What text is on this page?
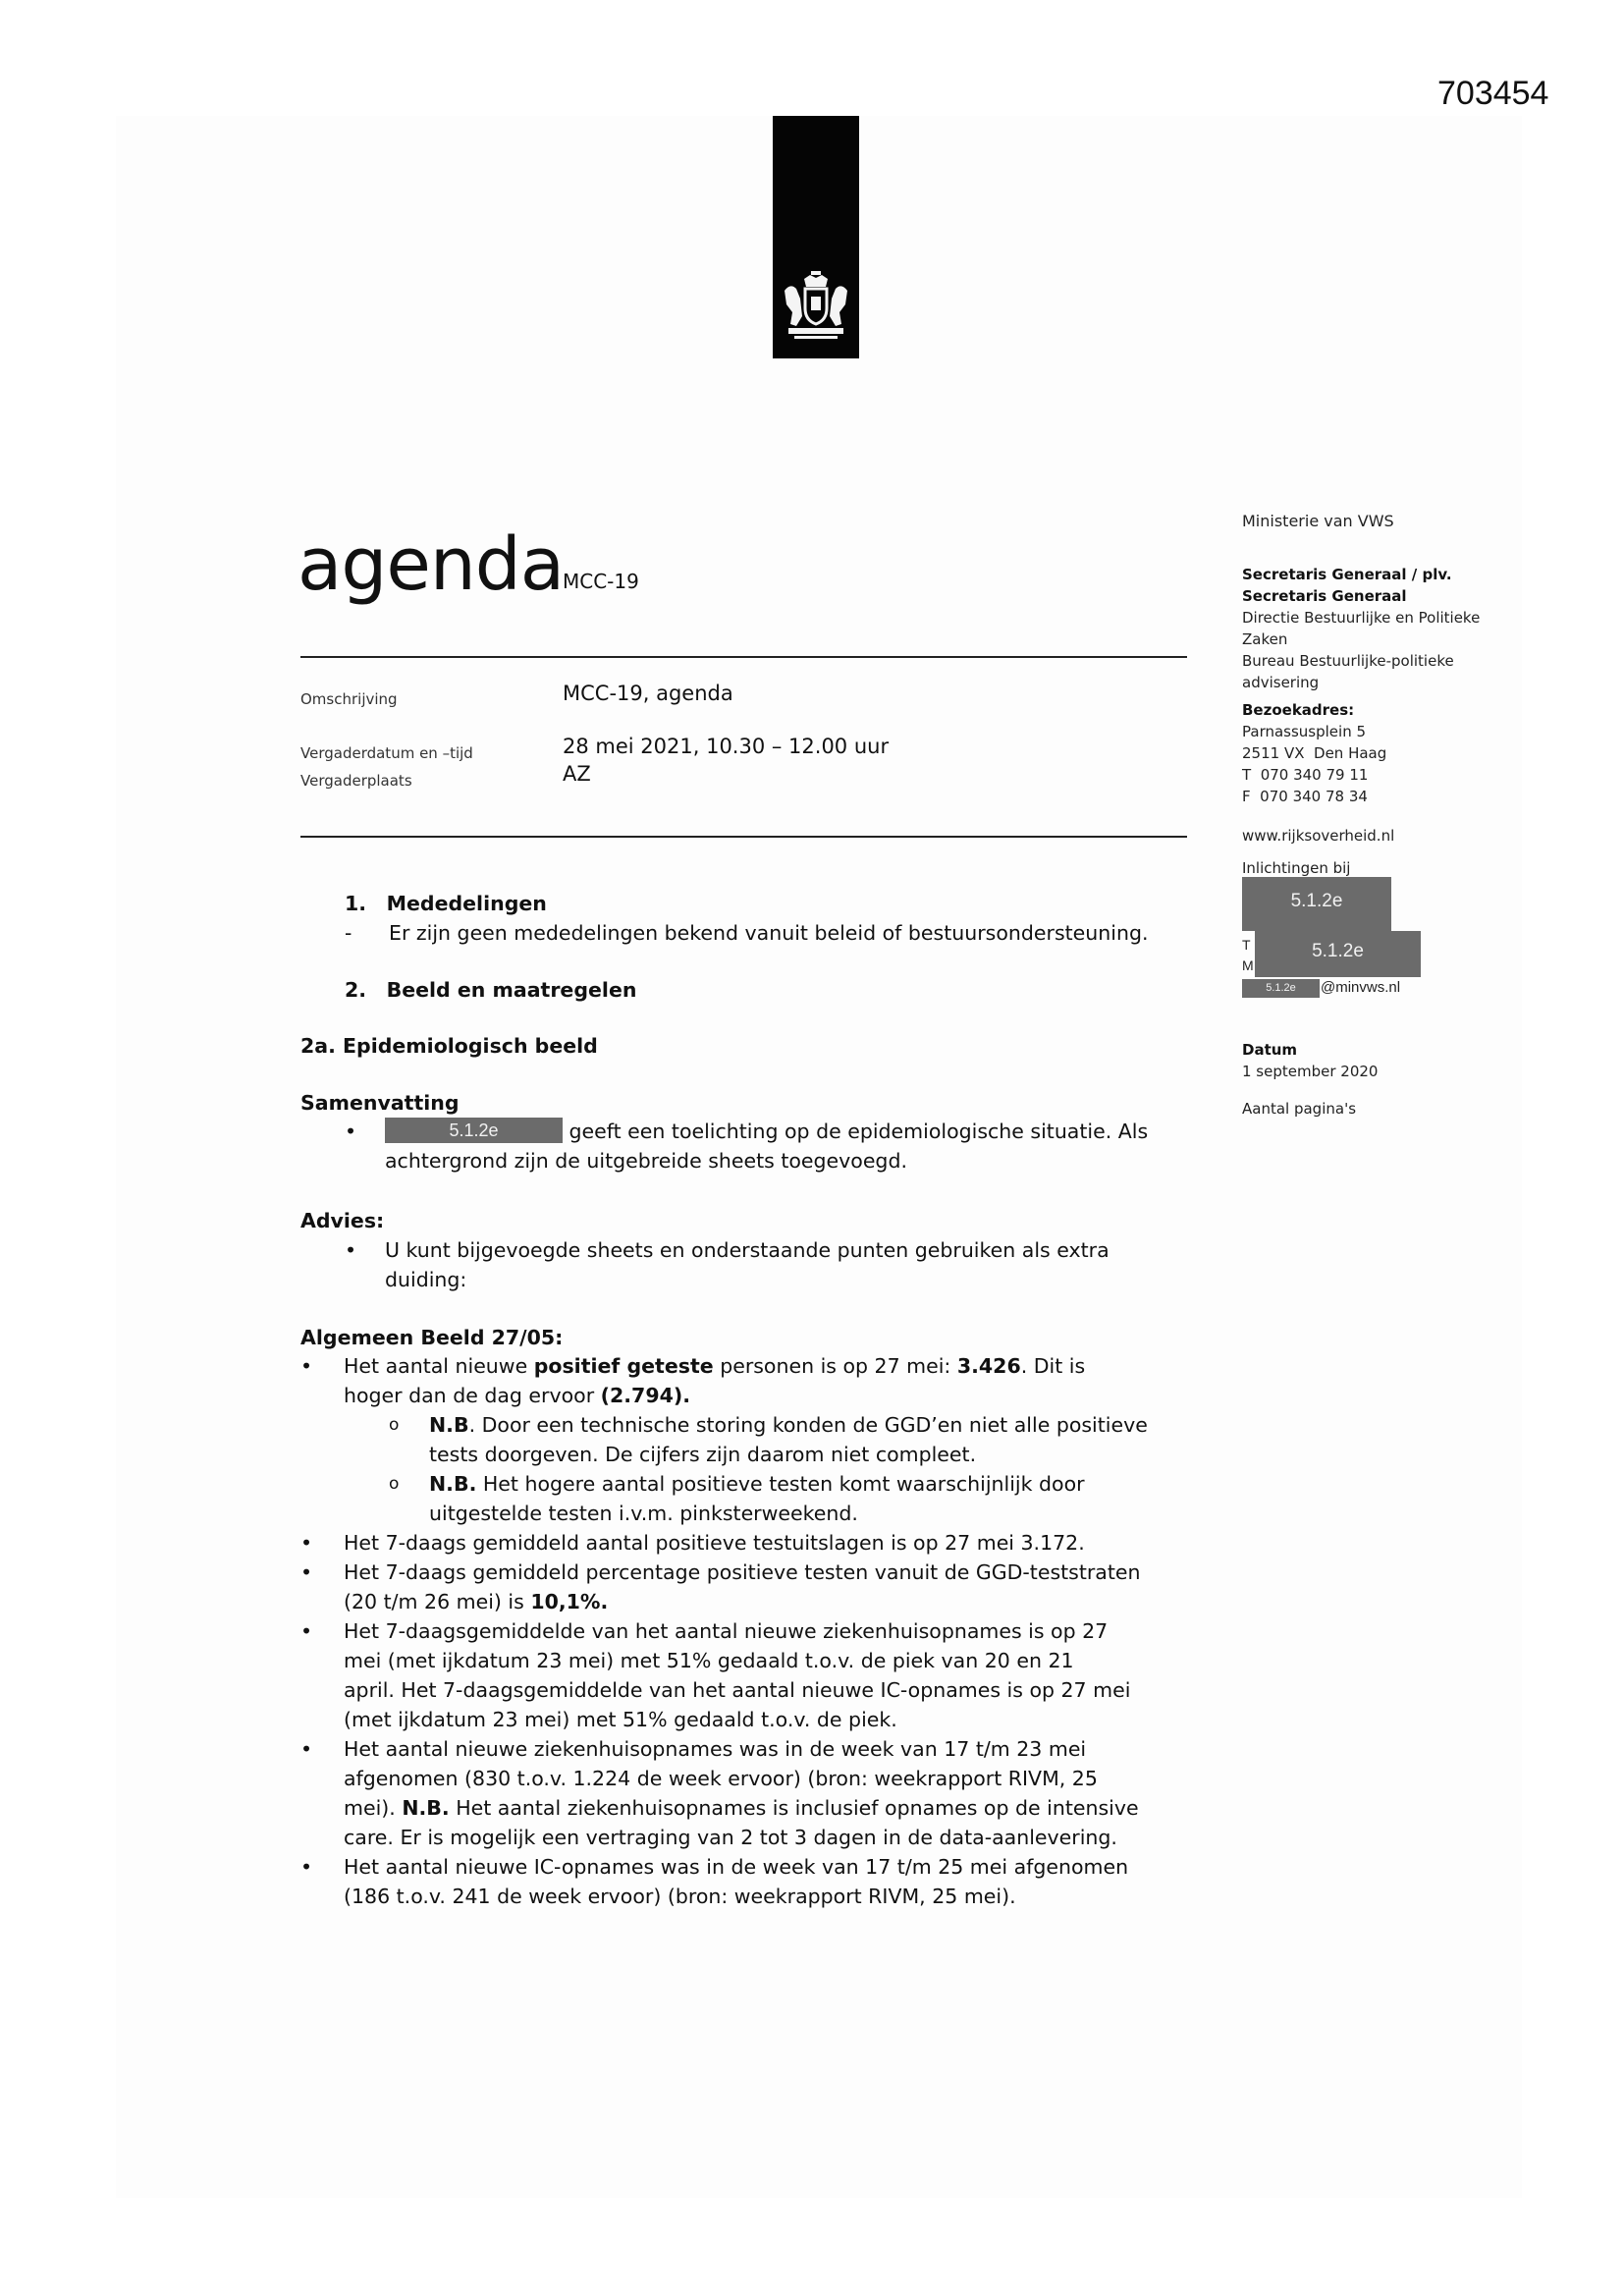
703454
agenda
MCC-19
Omschrijving	MCC-19, agenda
Vergaderdatum en –tijd	28 mei 2021, 10.30 – 12.00 uur
Vergaderplaats	AZ
1. Mededelingen
- Er zijn geen mededelingen bekend vanuit beleid of bestuursondersteuning.
2. Beeld en maatregelen
2a. Epidemiologisch beeld
Samenvatting
•	5.1.2e	geeft een toelichting op de epidemiologische situatie. Als
achtergrond zijn de uitgebreide sheets toegevoegd.
Advies:
•	U kunt bijgevoegde sheets en onderstaande punten gebruiken als extra
duiding:
Algemeen Beeld 27/05:
• Het aantal nieuwe positief geteste personen is op 27 mei: 3.426. Dit is
hoger dan de dag ervoor (2.794).
o N.B. Door een technische storing konden de GGD’en niet alle positieve
tests doorgeven. De cijfers zijn daarom niet compleet.
o N.B. Het hogere aantal positieve testen komt waarschijnlijk door
uitgestelde testen i.v.m. pinksterweekend.
• Het 7-daags gemiddeld aantal positieve testuitslagen is op 27 mei 3.172.
• Het 7-daags gemiddeld percentage positieve testen vanuit de GGD-teststraten
(20 t/m 26 mei) is 10,1%.
• Het 7-daagsgemiddelde van het aantal nieuwe ziekenhuisopnames is op 27
mei (met ijkdatum 23 mei) met 51% gedaald t.o.v. de piek van 20 en 21
april. Het 7-daagsgemiddelde van het aantal nieuwe IC-opnames is op 27 mei
(met ijkdatum 23 mei) met 51% gedaald t.o.v. de piek.
• Het aantal nieuwe ziekenhuisopnames was in de week van 17 t/m 23 mei
afgenomen (830 t.o.v. 1.224 de week ervoor) (bron: weekrapport RIVM, 25
mei). N.B. Het aantal ziekenhuisopnames is inclusief opnames op de intensive
care. Er is mogelijk een vertraging van 2 tot 3 dagen in de data-aanlevering.
• Het aantal nieuwe IC-opnames was in de week van 17 t/m 25 mei afgenomen
(186 t.o.v. 241 de week ervoor) (bron: weekrapport RIVM, 25 mei).
Ministerie van VWS
Secretaris Generaal / plv.
Secretaris Generaal
Directie Bestuurlijke en Politieke
Zaken
Bureau Bestuurlijke-politieke
advisering
Bezoekadres:
Parnassusplein 5
2511 VX  Den Haag
T  070 340 79 11
F  070 340 78 34
www.rijksoverheid.nl
Inlichtingen bij
5.1.2e
5.1.2e
T
M
5.1.2e	@minvws.nl
Datum
1 september 2020
Aantal pagina's
